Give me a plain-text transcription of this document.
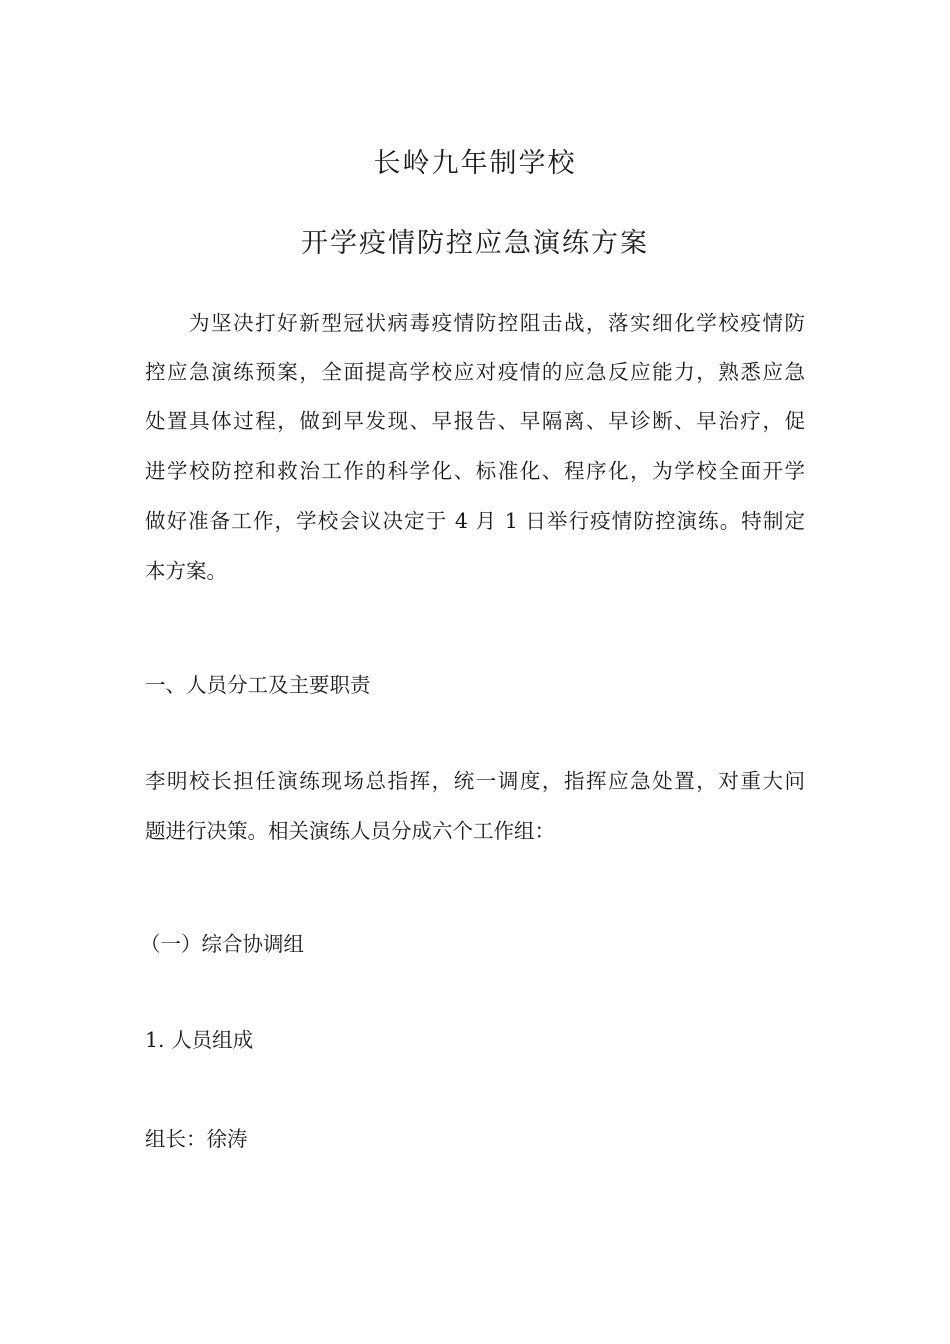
长岭九年制学校
开学疫情防控应急演练方案
为坚决打好新型冠状病毒疫情防控阻击战，落实细化学校疫情防
控应急演练预案，全面提高学校应对疫情的应急反应能力，熟悉应急
处置具体过程，做到早发现、早报告、早隔离、早诊断、早治疗，促
进学校防控和救治工作的科学化、标准化、程序化，为学校全面开学
做好准备工作，学校会议决定于 4 月 1 日举行疫情防控演练。特制定
本方案。
一、人员分工及主要职责
李明校长担任演练现场总指挥，统一调度，指挥应急处置，对重大问
题进行决策。相关演练人员分成六个工作组：
（一）综合协调组
1. 人员组成
组长：徐涛
